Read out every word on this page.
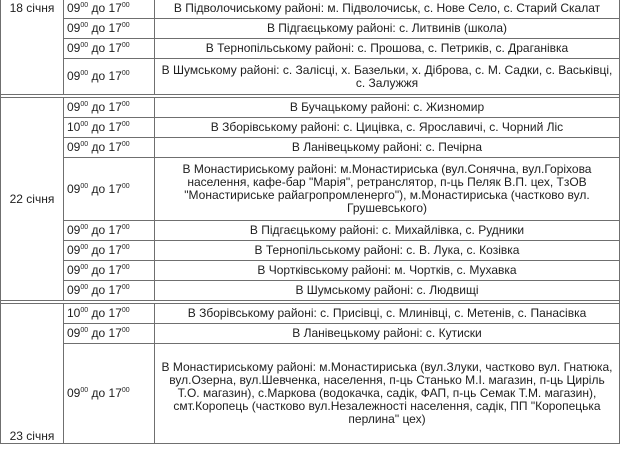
18 січня	$09^{00}$ до $17^{00}$	В Підволочиському районі: м. Підволочиськ, с. Нове Село, с. Старий Скалат
	$09^{00}$ до $17^{00}$	В Підгаєцькому районі: с. Литвинів (школа)
	$09^{00}$ до $17^{00}$	В Тернопільському районі: с. Прошова, с. Петриків, с. Драганівка
	$09^{00}$ до $17^{00}$	В Шумському районі: с. Залісці, х. Базельки, х. Діброва, с. М. Садки, с. Васьківці, с. Залужжя

22 січня	$09^{00}$ до $17^{00}$	В Бучацькому районі: с. Жизномир
	$10^{00}$ до $17^{00}$	В Зборівському районі: с. Цицівка, с. Ярославичі, с. Чорний Ліс
	$09^{00}$ до $17^{00}$	В Ланівецькому районі: с. Печірна
	$09^{00}$ до $17^{00}$	В Монастириському районі: м.Монастириська (вул.Сонячна, вул.Горіхова населення, кафе-бар "Марія", ретранслятор, п-ць Пеляк В.П. цех, ТзОВ "Монастириське райагропромленерго"), м.Монастириська (частково вул. Грушевського)
	$09^{00}$ до $17^{00}$	В Підгаєцькому районі: с. Михайлівка, с. Рудники
	$09^{00}$ до $17^{00}$	В Тернопільському районі: с. В. Лука, с. Козівка
	$09^{00}$ до $17^{00}$	В Чортківському районі: м. Чортків, с. Мухавка
	$09^{00}$ до $17^{00}$	В Шумському районі: с. Людвищі

23 січня	$10^{00}$ до $17^{00}$	В Зборівському районі: с. Присівці, с. Млинівці, с. Метенів, с. Панасівка
	$09^{00}$ до $17^{00}$	В Ланівецькому районі: с. Кутиски
	$09^{00}$ до $17^{00}$	В Монастириському районі: м.Монастириська (вул.Злуки, частково вул. Гнатюка, вул.Озерна, вул.Шевченка, населення, п-ць Станько М.І. магазин, п-ць Циріль Т.О. магазин), с.Маркова (водокачка, садік, ФАП, п-ць Семак Т.М. магазин), смт.Коропець (частково вул.Незалежності населення, садік, ПП "Коропецька перлина" цех)
